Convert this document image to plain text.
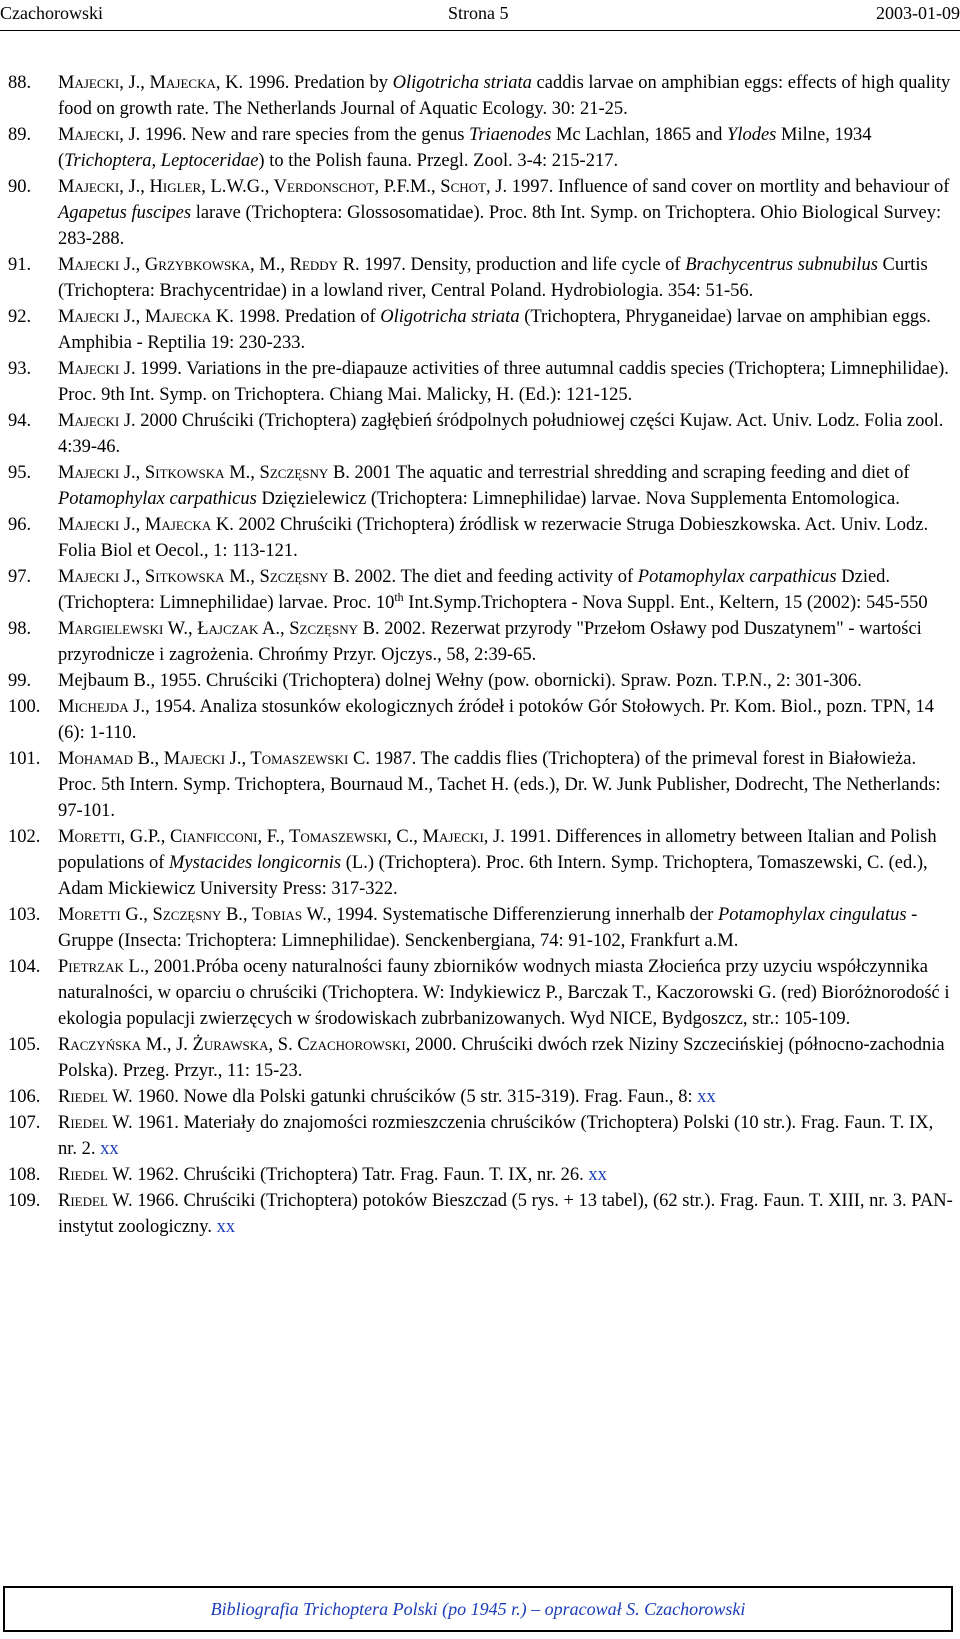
Czachorowski	Strona 5	2003-01-09
88. Majecki, J., Majecka, K. 1996. Predation by Oligotricha striata caddis larvae on amphibian eggs: effects of high quality food on growth rate. The Netherlands Journal of Aquatic Ecology. 30: 21-25.
89. Majecki, J. 1996. New and rare species from the genus Triaenodes Mc Lachlan, 1865 and Ylodes Milne, 1934 (Trichoptera, Leptoceridae) to the Polish fauna. Przegl. Zool. 3-4: 215-217.
90. Majecki, J., Higler, L.W.G., Verdonschot, P.F.M., Schot, J. 1997. Influence of sand cover on mortlity and behaviour of Agapetus fuscipes larave (Trichoptera: Glossosomatidae). Proc. 8th Int. Symp. on Trichoptera. Ohio Biological Survey: 283-288.
91. Majecki J., Grzybkowska, M., Reddy R. 1997. Density, production and life cycle of Brachycentrus subnubilus Curtis (Trichoptera: Brachycentridae) in a lowland river, Central Poland. Hydrobiologia. 354: 51-56.
92. Majecki J., Majecka K. 1998. Predation of Oligotricha striata (Trichoptera, Phryganeidae) larvae on amphibian eggs. Amphibia - Reptilia 19: 230-233.
93. Majecki J. 1999. Variations in the pre-diapauze activities of three autumnal caddis species (Trichoptera; Limnephilidae). Proc. 9th Int. Symp. on Trichoptera. Chiang Mai. Malicky, H. (Ed.): 121-125.
94. Majecki J. 2000 Chruściki (Trichoptera) zagłębień śródpolnych południowej części Kujaw. Act. Univ. Lodz. Folia zool. 4:39-46.
95. Majecki J., Sitkowska M., Szczęsny B. 2001 The aquatic and terrestrial shredding and scraping feeding and diet of Potamophylax carpathicus Dzięzielewicz (Trichoptera: Limnephilidae) larvae. Nova Supplementa Entomologica.
96. Majecki J., Majecka K. 2002 Chruściki (Trichoptera) źródlisk w rezerwacie Struga Dobieszkowska. Act. Univ. Lodz. Folia Biol et Oecol., 1: 113-121.
97. Majecki J., Sitkowska M., Szczęsny B. 2002. The diet and feeding activity of Potamophylax carpathicus Dzied. (Trichoptera: Limnephilidae) larvae. Proc. 10th Int.Symp.Trichoptera - Nova Suppl. Ent., Keltern, 15 (2002): 545-550
98. Margielewski W., Łajczak A., Szczęsny B. 2002. Rezerwat przyrody "Przełom Osławy pod Duszatynem" - wartości przyrodnicze i zagrożenia. Chrońmy Przyr. Ojczys., 58, 2:39-65.
99. Mejbaum B., 1955. Chruściki (Trichoptera) dolnej Wełny (pow. obornicki). Spraw. Pozn. T.P.N., 2: 301-306.
100. Michejda J., 1954. Analiza stosunków ekologicznych źródeł i potoków Gór Stołowych. Pr. Kom. Biol., pozn. TPN, 14 (6): 1-110.
101. Mohamad B., Majecki J., Tomaszewski C. 1987. The caddis flies (Trichoptera) of the primeval forest in Białowieża. Proc. 5th Intern. Symp. Trichoptera, Bournaud M., Tachet H. (eds.), Dr. W. Junk Publisher, Dodrecht, The Netherlands: 97-101.
102. Moretti, G.P., Cianficconi, F., Tomaszewski, C., Majecki, J. 1991. Differences in allometry between Italian and Polish populations of Mystacides longicornis (L.) (Trichoptera). Proc. 6th Intern. Symp. Trichoptera, Tomaszewski, C. (ed.), Adam Mickiewicz University Press: 317-322.
103. Moretti G., Szczęsny B., Tobias W., 1994. Systematische Differenzierung innerhalb der Potamophylax cingulatus - Gruppe (Insecta: Trichoptera: Limnephilidae). Senckenbergiana, 74: 91-102, Frankfurt a.M.
104. Pietrzak L., 2001.Próba oceny naturalności fauny zbiorników wodnych miasta Złocieńca przy uzyciu współczynnika naturalności, w oparciu o chruściki (Trichoptera. W: Indykiewicz P., Barczak T., Kaczorowski G. (red) Bioróżnorodość i ekologia populacji zwierzęcych w środowiskach zubrbanizowanych. Wyd NICE, Bydgoszcz, str.: 105-109.
105. Raczyńska M., J. Żurawska, S. Czachorowski, 2000. Chruściki dwóch rzek Niziny Szczecińskiej (północno-zachodnia Polska). Przeg. Przyr., 11: 15-23.
106. Riedel W. 1960. Nowe dla Polski gatunki chruścików (5 str. 315-319). Frag. Faun., 8: xx
107. Riedel W. 1961. Materiały do znajomości rozmieszczenia chruścików (Trichoptera) Polski (10 str.). Frag. Faun. T. IX, nr. 2. xx
108. Riedel W. 1962. Chruściki (Trichoptera) Tatr. Frag. Faun. T. IX, nr. 26. xx
109. Riedel W. 1966. Chruściki (Trichoptera) potoków Bieszczad (5 rys. + 13 tabel), (62 str.). Frag. Faun. T. XIII, nr. 3. PAN-instytut zoologiczny. xx
Bibliografia Trichoptera Polski (po 1945 r.) – opracował S. Czachorowski
